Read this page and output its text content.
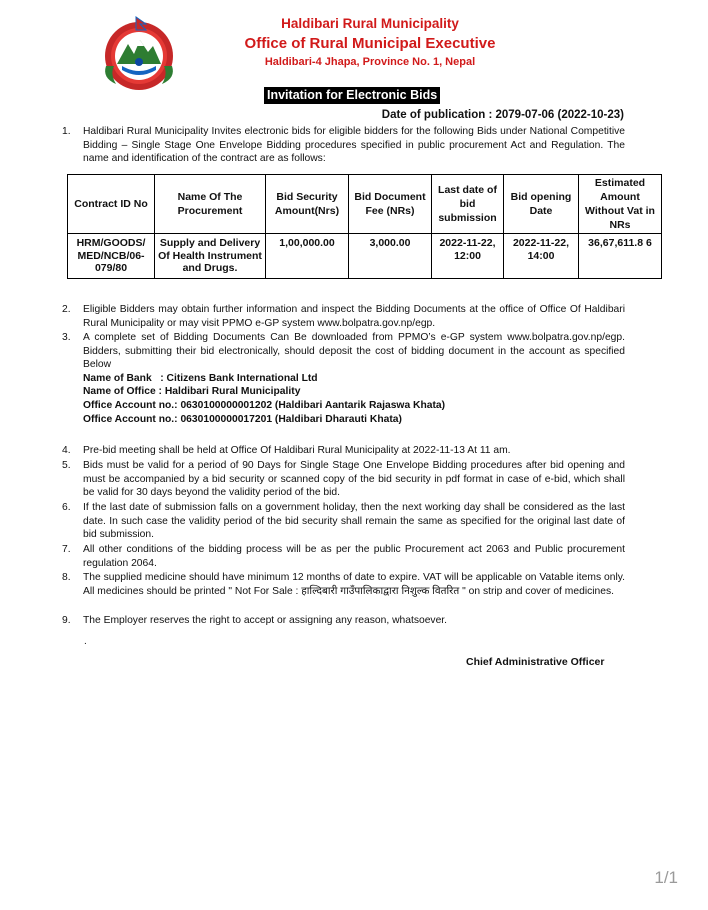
Haldibari Rural Municipality
Office of Rural Municipal Executive
Haldibari-4 Jhapa, Province No. 1, Nepal
Invitation for Electronic Bids
Date of publication : 2079-07-06 (2022-10-23)
1. Haldibari Rural Municipality Invites electronic bids for eligible bidders for the following Bids under National Competitive Bidding – Single Stage One Envelope Bidding procedures specified in public procurement Act and Regulation. The name and identification of the contract are as follows:
Contract ID No	Name Of The Procurement	Bid Security Amount(Nrs)	Bid Document Fee (NRs)	Last date of bid submission	Bid opening Date	Estimated Amount Without Vat in NRs
HRM/GOODS/ MED/NCB/06- 079/80	Supply and Delivery Of Health Instrument and Drugs.	1,00,000.00	3,000.00	2022-11-22, 12:00	2022-11-22, 14:00	36,67,611.8 6
2. Eligible Bidders may obtain further information and inspect the Bidding Documents at the office of Office Of Haldibari Rural Municipality or may visit PPMO e-GP system www.bolpatra.gov.np/egp.
3. A complete set of Bidding Documents Can Be downloaded from PPMO’s e-GP system www.bolpatra.gov.np/egp. Bidders, submitting their bid electronically, should deposit the cost of bidding document in the account as specified Below
Name of Bank   : Citizens Bank International Ltd
Name of Office : Haldibari Rural Municipality
Office Account no.: 0630100000001202 (Haldibari Aantarik Rajaswa Khata)
Office Account no.: 0630100000017201 (Haldibari Dharauti Khata)
4. Pre-bid meeting shall be held at Office Of Haldibari Rural Municipality at 2022-11-13 At 11 am.
5. Bids must be valid for a period of 90 Days for Single Stage One Envelope Bidding procedures after bid opening and must be accompanied by a bid security or scanned copy of the bid security in pdf format in case of e-bid, which shall be valid for 30 days beyond the validity period of the bid.
6. If the last date of submission falls on a government holiday, then the next working day shall be considered as the last date. In such case the validity period of the bid security shall remain the same as specified for the original last date of bid submission.
7. All other conditions of the bidding process will be as per the public Procurement act 2063 and Public procurement regulation 2064.
8. The supplied medicine should have minimum 12 months of date to expire. VAT will be applicable on Vatable items only. All medicines should be printed " Not For Sale : हाल्दिबारी गाउँपालिकाद्वारा निशुल्क वितरित " on strip and cover of medicines.
9. The Employer reserves the right to accept or assigning any reason, whatsoever.
.
Chief Administrative Officer
1/1
